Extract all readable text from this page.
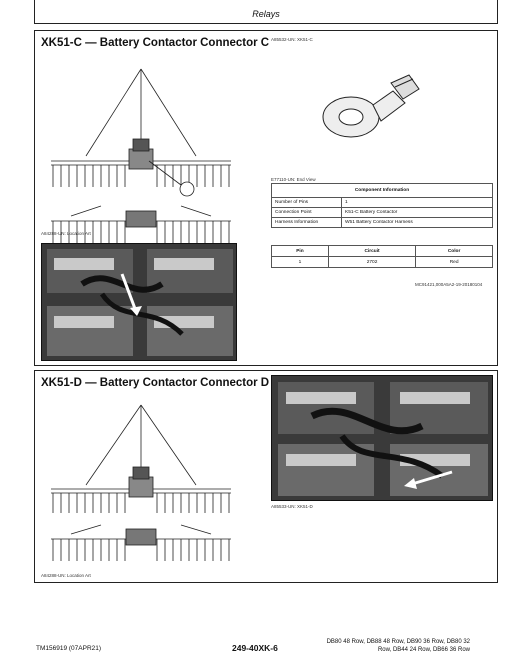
Relays
XK51-C — Battery Contactor Connector C
A84288-UN: Location Art
A85532-UN: XK51-C
E77110-UN: End View
Component Information	
Number of Pins	1
Connection Point	K51-C Battery Contactor
Harness Information	W51 Battery Contactor Harness
Pin	Circuit	Color
1	2702	Red
MC91421,000A5A2-19-20180104
XK51-D — Battery Contactor Connector D
A84288-UN: Location Art
A85533-UN: XK51-D
TM156919 (07APR21)	249-40XK-6
DB80 48 Row, DB88 48 Row, DB90 36 Row, DB80 32
Row, DB44 24 Row, DB66 36 Row
